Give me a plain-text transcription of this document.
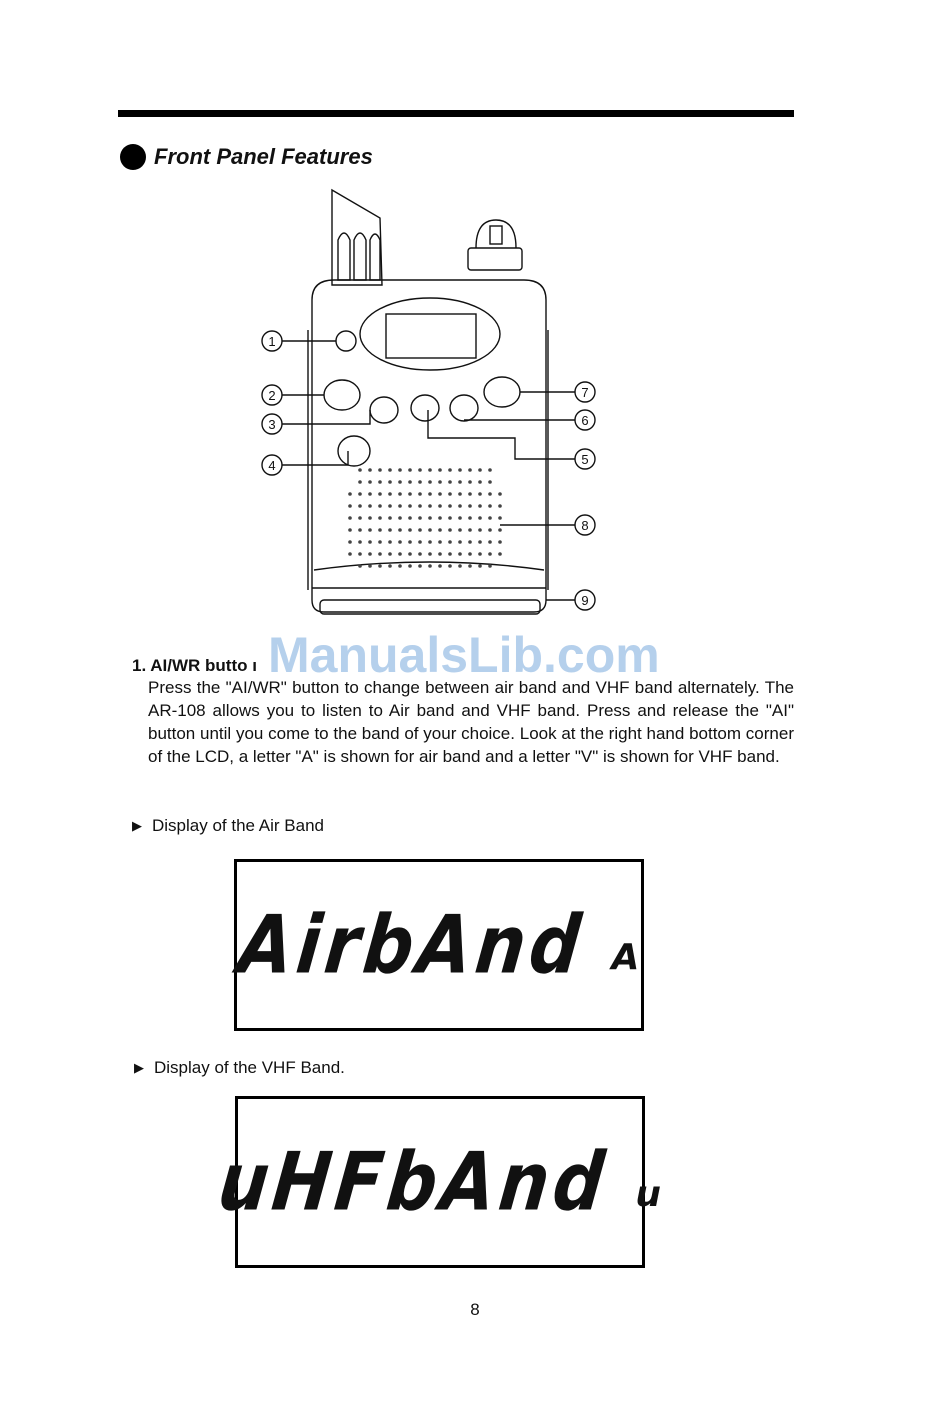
Front Panel Features
1
2
3
4	5
6
7
8
9
ManualsLib.com
1. AI/WR butto ı

Press the "AI/WR" button to change between air band and VHF band alternately. The AR-108 allows you to listen to Air band and VHF band. Press and release the "AI" button until you come to the band of your choice. Look at the right hand bottom corner of the LCD, a letter "A" is shown for air band and a letter "V" is shown for VHF band.

▶ Display of the Air Band
AirbAnd A
▶ Display of the VHF Band.
uHFbAnd u
8
